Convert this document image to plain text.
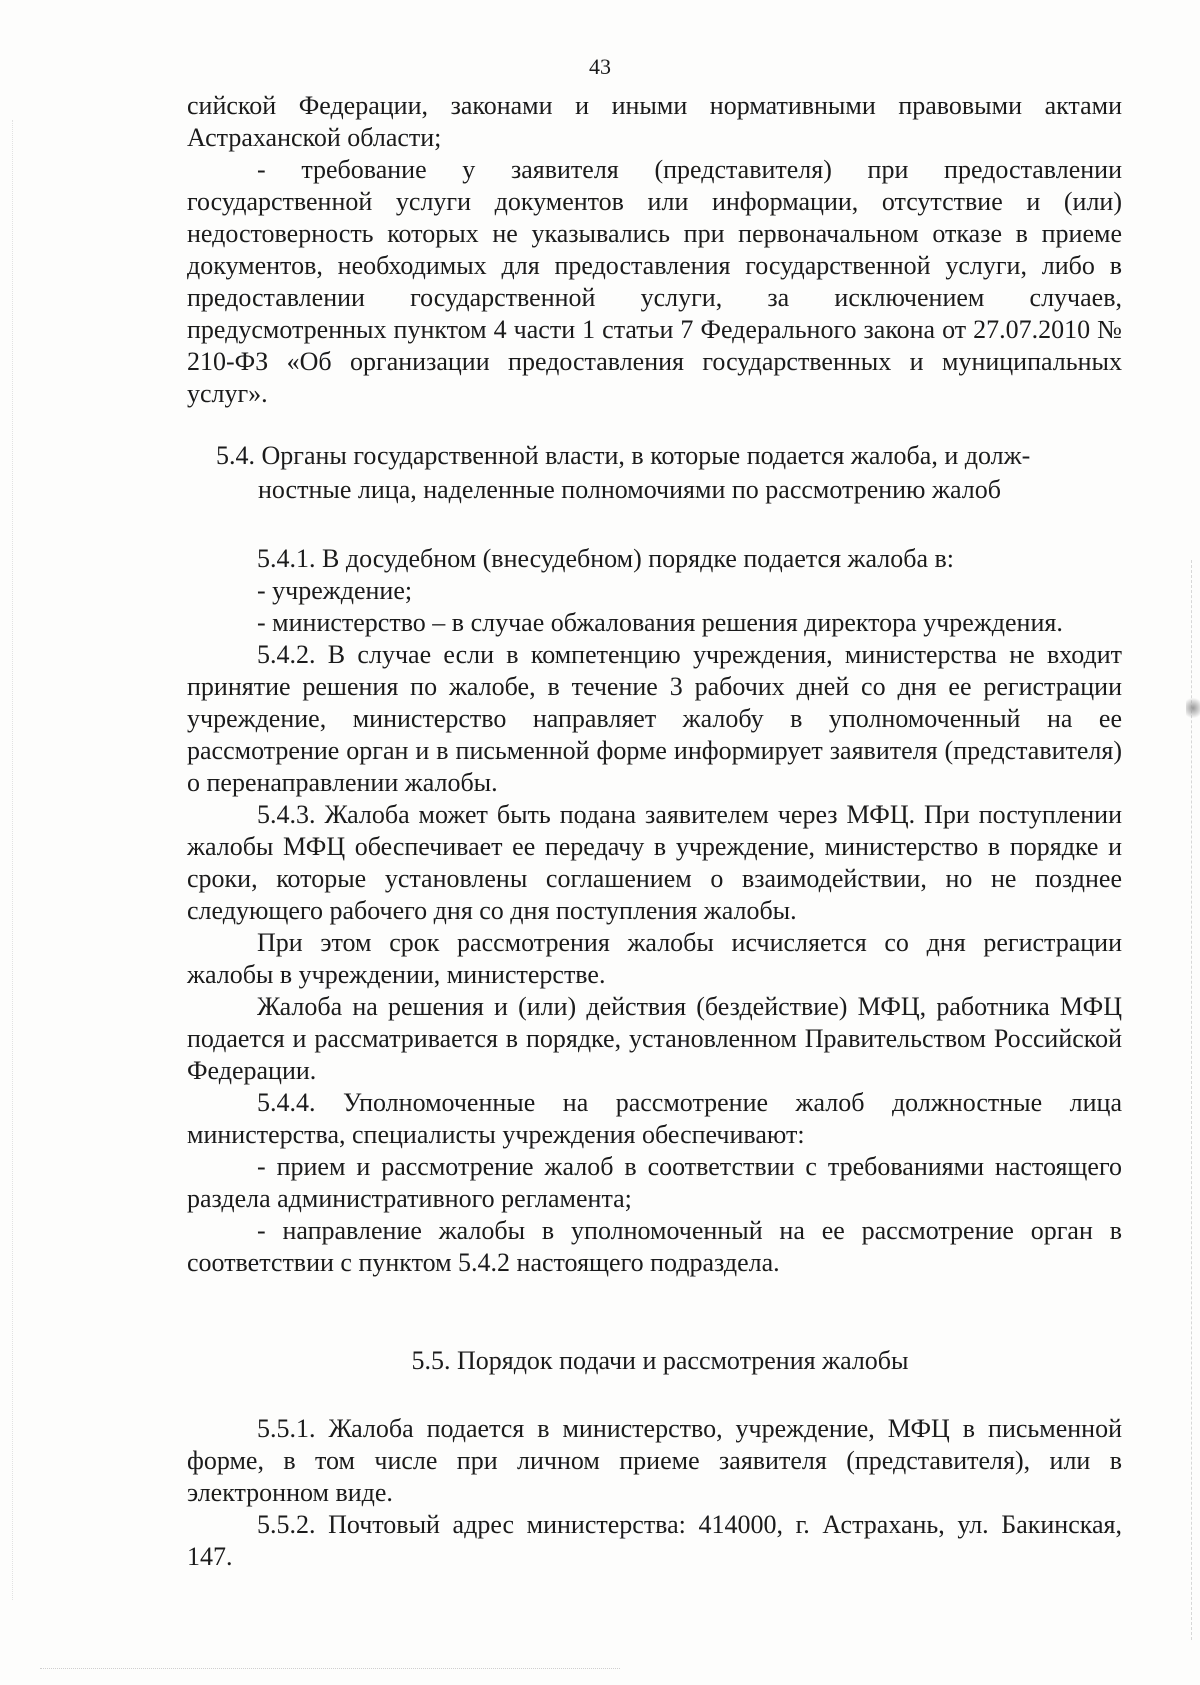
43

сийской Федерации, законами и иными нормативными правовыми актами Астраханской области;

- требование у заявителя (представителя) при предоставлении государственной услуги документов или информации, отсутствие и (или) недостоверность которых не указывались при первоначальном отказе в приеме документов, необходимых для предоставления государственной услуги, либо в предоставлении государственной услуги, за исключением случаев, предусмотренных пунктом 4 части 1 статьи 7 Федерального закона от 27.07.2010 № 210-ФЗ «Об организации предоставления государственных и муниципальных услуг».

5.4. Органы государственной власти, в которые подается жалоба, и долж-

ностные лица, наделенные полномочиями по рассмотрению жалоб

5.4.1. В досудебном (внесудебном) порядке подается жалоба в:

- учреждение;

- министерство – в случае обжалования решения директора учреждения.

5.4.2. В случае если в компетенцию учреждения, министерства не входит принятие решения по жалобе, в течение 3 рабочих дней со дня ее регистрации учреждение, министерство направляет жалобу в уполномоченный на ее рассмотрение орган и в письменной форме информирует заявителя (представителя) о перенаправлении жалобы.

5.4.3. Жалоба может быть подана заявителем через МФЦ. При поступлении жалобы МФЦ обеспечивает ее передачу в учреждение, министерство в порядке и сроки, которые установлены соглашением о взаимодействии, но не позднее следующего рабочего дня со дня поступления жалобы.

При этом срок рассмотрения жалобы исчисляется со дня регистрации жалобы в учреждении, министерстве.

Жалоба на решения и (или) действия (бездействие) МФЦ, работника МФЦ подается и рассматривается в порядке, установленном Правительством Российской Федерации.

5.4.4. Уполномоченные на рассмотрение жалоб должностные лица министерства, специалисты учреждения обеспечивают:

- прием и рассмотрение жалоб в соответствии с требованиями настоящего раздела административного регламента;

- направление жалобы в уполномоченный на ее рассмотрение орган в соответствии с пунктом 5.4.2 настоящего подраздела.

5.5. Порядок подачи и рассмотрения жалобы

5.5.1. Жалоба подается в министерство, учреждение, МФЦ в письменной форме, в том числе при личном приеме заявителя (представителя), или в электронном виде.

5.5.2. Почтовый адрес министерства: 414000, г. Астрахань, ул. Бакинская, 147.
